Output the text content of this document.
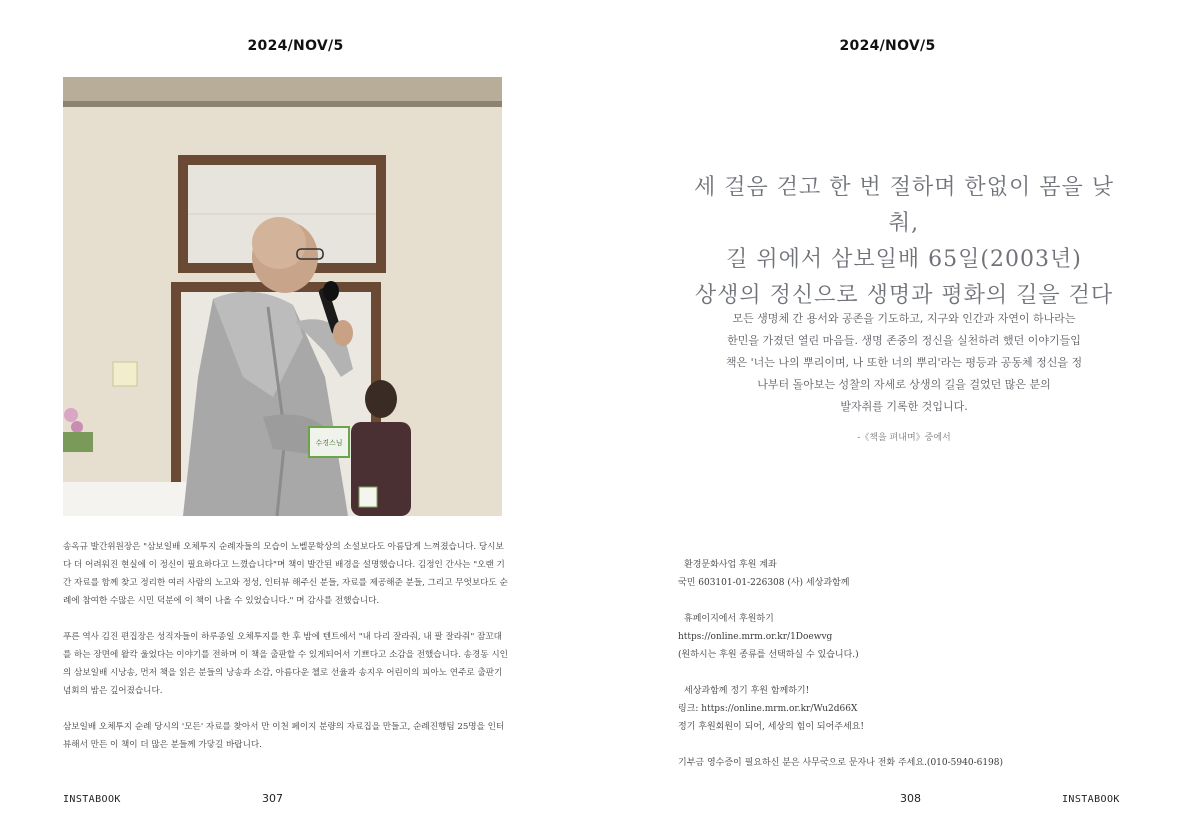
2024/NOV/5
수경스님

송옥규 발간위원장은 "삼보일배 오체투지 순례자들의 모습이 노벨문학상의 소설보다도 아름답게 느껴졌습니다. 당시보다 더 어려워진 현실에 이 정신이 필요하다고 느꼈습니다"며 책이 발간된 배경을 설명했습니다. 김정인 간사는 "오랜 기간 자료를 함께 찾고 정리한 여러 사람의 노고와 정성, 인터뷰 해주신 분들, 자료를 제공해준 분들, 그리고 무엇보다도 순례에 참여한 수많은 시민 덕분에 이 책이 나올 수 있었습니다." 며 감사를 전했습니다.

푸른 역사 김진 편집장은 성직자들이 하루종일 오체투지를 한 후 밤에 텐트에서 "내 다리 잘라줘, 내 팔 잘라줘" 잠꼬대를 하는 장면에 왈칵 울었다는 이야기를 전하며 이 책을 출판할 수 있게되어서 기쁘다고 소감을 전했습니다. 송경동 시인의 삼보일배 시낭송, 먼저 책을 읽은 분들의 낭송과 소감, 아름다운 첼로 선율과 송지우 어린이의 피아노 연주로 출판기념회의 밤은 깊어졌습니다.

삼보일배 오체투지 순례 당시의 '모든' 자료를 찾아서 만 이천 페이지 분량의 자료집을 만들고, 순례진행팀 25명을 인터뷰해서 만든 이 책이 더 많은 분들께 가닿길 바랍니다.

INSTABOOK	307
2024/NOV/5
세 걸음 걷고 한 번 절하며 한없이 몸을 낮춰,
길 위에서 삼보일배 65일(2003년)
상생의 정신으로 생명과 평화의 길을 걷다
모든 생명체 간 용서와 공존을 기도하고, 지구와 인간과 자연이 하나라는
한민을 가졌던 열린 마음들. 생명 존중의 정신을 실천하려 했던 이야기들입
책은 '너는 나의 뿌리이며, 나 또한 너의 뿌리'라는 평등과 공동체 정신을 정
나부터 돌아보는 성찰의 자세로 상생의 길을 걸었던 많은 분의
발자취를 기록한 것입니다.
-《책을 펴내며》중에서
환경문화사업 후원 계좌
국민 603101-01-226308 (사) 세상과함께
휴페이지에서 후원하기
https://online.mrm.or.kr/1Doewvg
(원하시는 후원 종류를 선택하실 수 있습니다.)
세상과함께 정기 후원 함께하기!
링크: https://online.mrm.or.kr/Wu2d66X
정기 후원회원이 되어, 세상의 힘이 되어주세요!
기부금 영수증이 필요하신 분은 사무국으로 문자나 전화 주세요.(010-5940-6198)
308	INSTABOOK
